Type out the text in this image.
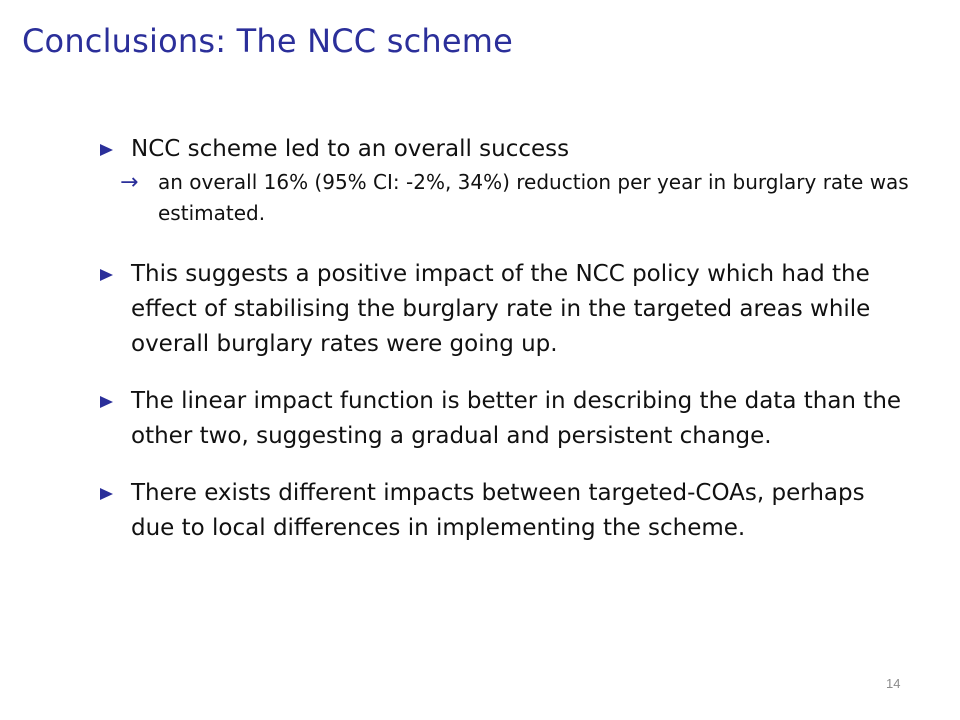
Conclusions: The NCC scheme
NCC scheme led to an overall success
→ an overall 16% (95% CI: -2%, 34%) reduction per year in burglary rate was estimated.
This suggests a positive impact of the NCC policy which had the effect of stabilising the burglary rate in the targeted areas while overall burglary rates were going up.
The linear impact function is better in describing the data than the other two, suggesting a gradual and persistent change.
There exists different impacts between targeted-COAs, perhaps due to local differences in implementing the scheme.
14
